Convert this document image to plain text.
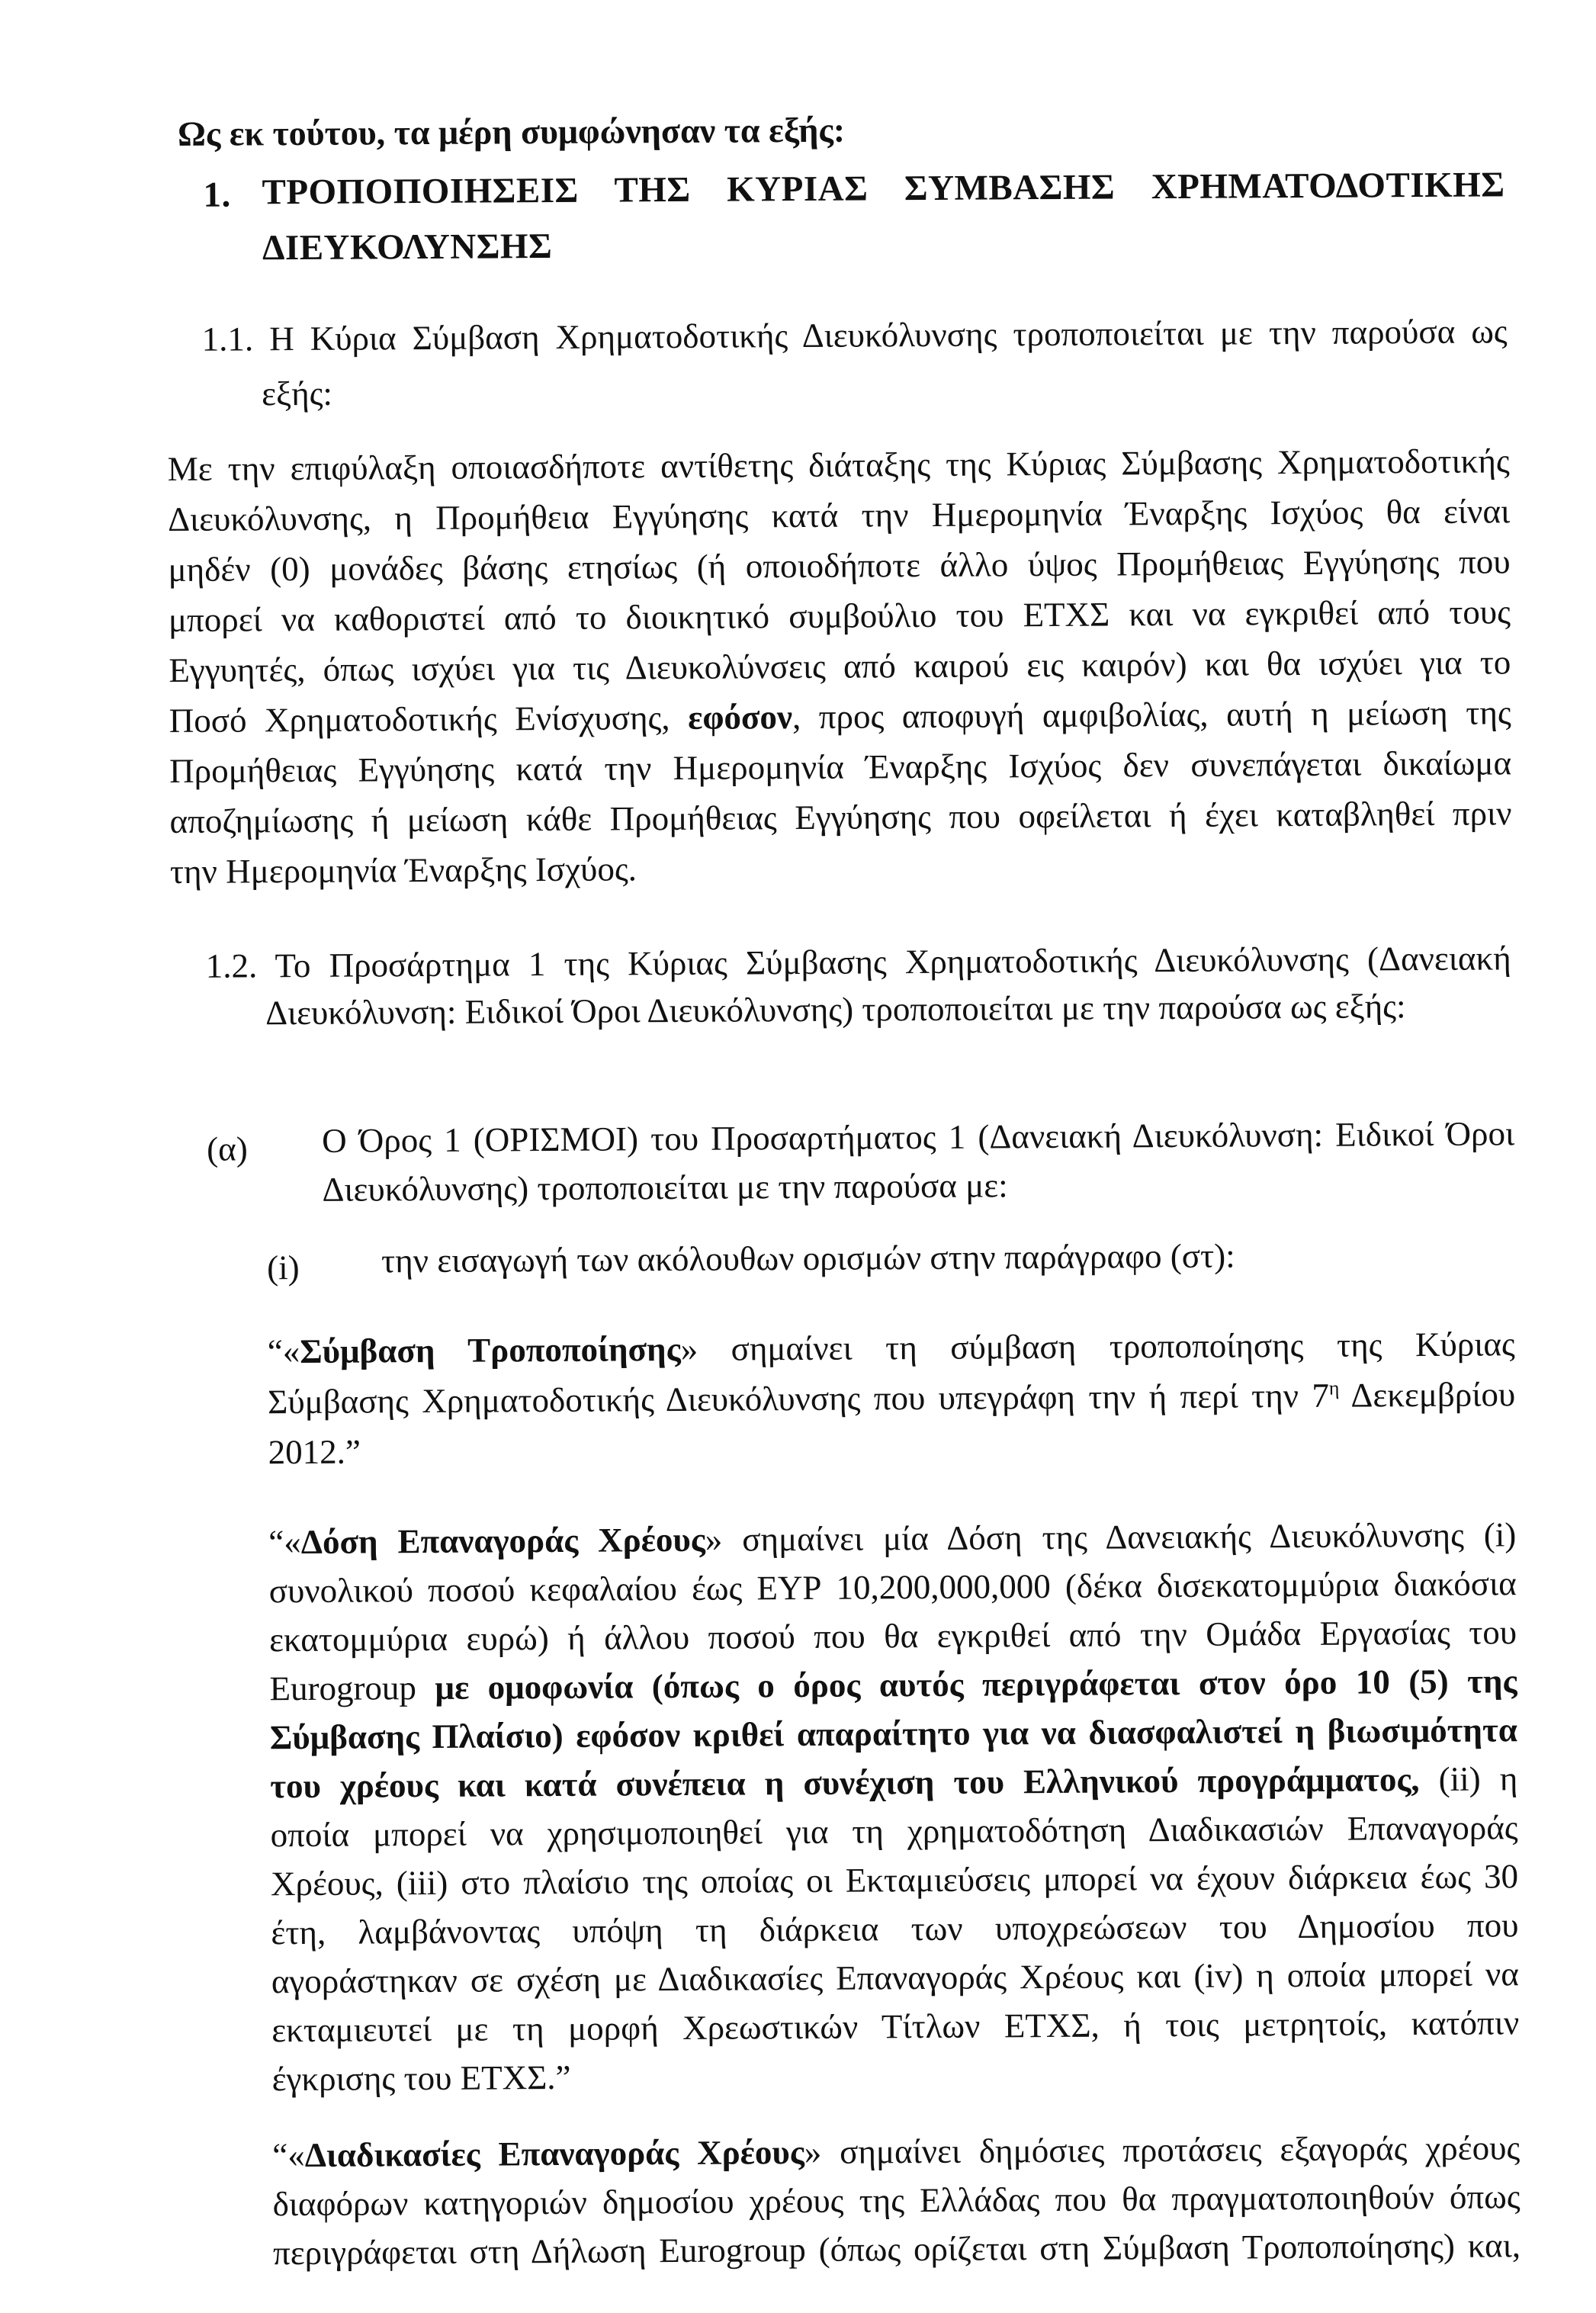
Ως εκ τούτου, τα μέρη συμφώνησαν τα εξής:
1. ΤΡΟΠΟΠΟΙΗΣΕΙΣ ΤΗΣ ΚΥΡΙΑΣ ΣΥΜΒΑΣΗΣ ΧΡΗΜΑΤΟΔΟΤΙΚΗΣ
ΔΙΕΥΚΟΛΥΝΣΗΣ
1.1. Η Κύρια Σύμβαση Χρηματοδοτικής Διευκόλυνσης τροποποιείται με την παρούσα ως
εξής:
Με την επιφύλαξη οποιασδήποτε αντίθετης διάταξης της Κύριας Σύμβασης Χρηματοδοτικής
Διευκόλυνσης, η Προμήθεια Εγγύησης κατά την Ημερομηνία Έναρξης Ισχύος θα είναι
μηδέν (0) μονάδες βάσης ετησίως (ή οποιοδήποτε άλλο ύψος Προμήθειας Εγγύησης που
μπορεί να καθοριστεί από το διοικητικό συμβούλιο του ΕΤΧΣ και να εγκριθεί από τους
Εγγυητές, όπως ισχύει για τις Διευκολύνσεις από καιρού εις καιρόν) και θα ισχύει για το
Ποσό Χρηματοδοτικής Ενίσχυσης, εφόσον, προς αποφυγή αμφιβολίας, αυτή η μείωση της
Προμήθειας Εγγύησης κατά την Ημερομηνία Έναρξης Ισχύος δεν συνεπάγεται δικαίωμα
αποζημίωσης ή μείωση κάθε Προμήθειας Εγγύησης που οφείλεται ή έχει καταβληθεί πριν
την Ημερομηνία Έναρξης Ισχύος.
1.2. Το Προσάρτημα 1 της Κύριας Σύμβασης Χρηματοδοτικής Διευκόλυνσης (Δανειακή
Διευκόλυνση: Ειδικοί Όροι Διευκόλυνσης) τροποποιείται με την παρούσα ως εξής:
(α) Ο Όρος 1 (ΟΡΙΣΜΟΙ) του Προσαρτήματος 1 (Δανειακή Διευκόλυνση: Ειδικοί Όροι
Διευκόλυνσης) τροποποιείται με την παρούσα με:
(i) την εισαγωγή των ακόλουθων ορισμών στην παράγραφο (στ):
“«Σύμβαση Τροποποίησης» σημαίνει τη σύμβαση τροποποίησης της Κύριας
Σύμβασης Χρηματοδοτικής Διευκόλυνσης που υπεγράφη την ή περί την $7^\eta$ Δεκεμβρίου
2012.”
“«Δόση Επαναγοράς Χρέους» σημαίνει μία Δόση της Δανειακής Διευκόλυνσης (i)
συνολικού ποσού κεφαλαίου έως ΕΥΡ 10,200,000,000 (δέκα δισεκατομμύρια διακόσια
εκατομμύρια ευρώ) ή άλλου ποσού που θα εγκριθεί από την Ομάδα Εργασίας του
Eurogroup με ομοφωνία (όπως ο όρος αυτός περιγράφεται στον όρο 10 (5) της
Σύμβασης Πλαίσιο) εφόσον κριθεί απαραίτητο για να διασφαλιστεί η βιωσιμότητα
του χρέους και κατά συνέπεια η συνέχιση του Ελληνικού προγράμματος, (ii) η
οποία μπορεί να χρησιμοποιηθεί για τη χρηματοδότηση Διαδικασιών Επαναγοράς
Χρέους, (iii) στο πλαίσιο της οποίας οι Εκταμιεύσεις μπορεί να έχουν διάρκεια έως 30
έτη, λαμβάνοντας υπόψη τη διάρκεια των υποχρεώσεων του Δημοσίου που
αγοράστηκαν σε σχέση με Διαδικασίες Επαναγοράς Χρέους και (iv) η οποία μπορεί να
εκταμιευτεί με τη μορφή Χρεωστικών Τίτλων ΕΤΧΣ, ή τοις μετρητοίς, κατόπιν
έγκρισης του ΕΤΧΣ.”
“«Διαδικασίες Επαναγοράς Χρέους» σημαίνει δημόσιες προτάσεις εξαγοράς χρέους
διαφόρων κατηγοριών δημοσίου χρέους της Ελλάδας που θα πραγματοποιηθούν όπως
περιγράφεται στη Δήλωση Eurogroup (όπως ορίζεται στη Σύμβαση Τροποποίησης) και,
